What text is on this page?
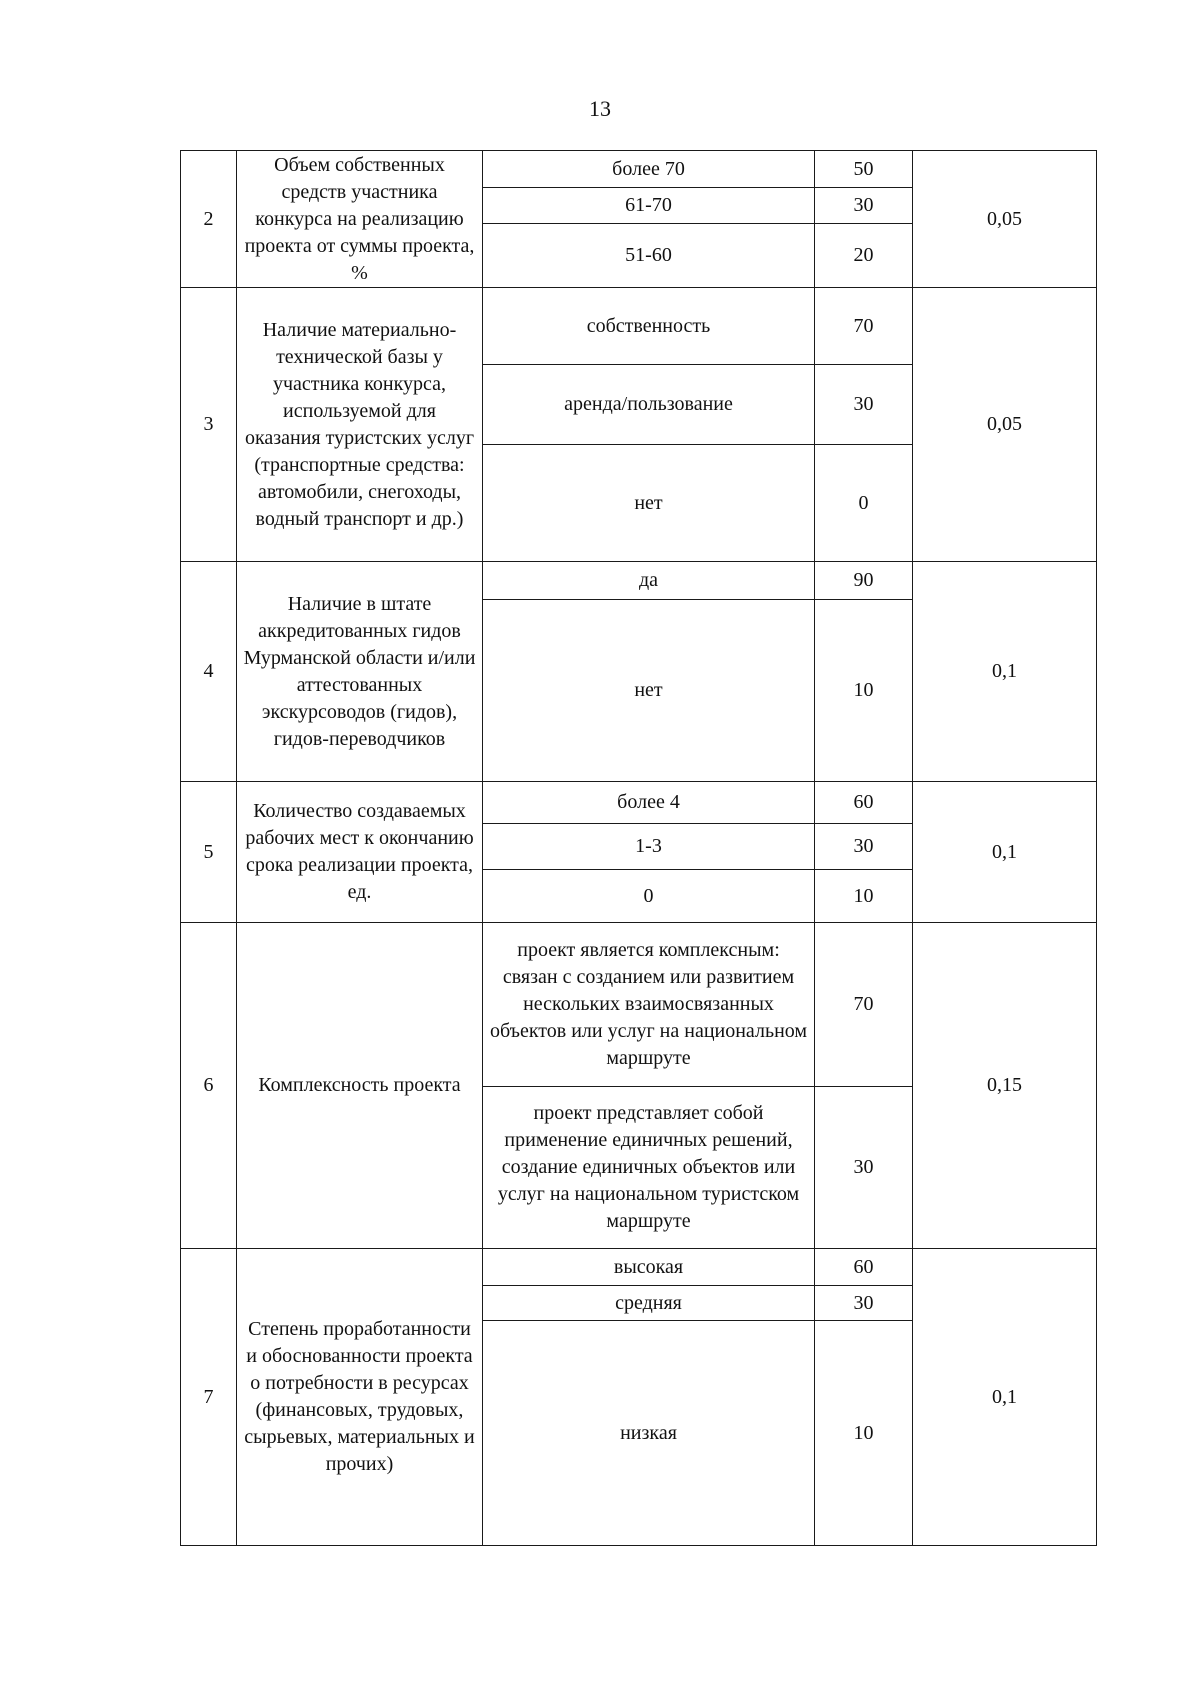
13
2	Объем собственных средств участника конкурса на реализацию проекта от суммы проекта, %	более 70	50	0,05
		61-70	30	
		51-60	20	
3	Наличие материально-технической базы у участника конкурса, используемой для оказания туристских услуг (транспортные средства: автомобили, снегоходы, водный транспорт и др.)	собственность	70	0,05
		аренда/пользование	30	
		нет	0	
4	Наличие в штате аккредитованных гидов Мурманской области и/или аттестованных экскурсоводов (гидов), гидов-переводчиков	да	90	0,1
		нет	10	
5	Количество создаваемых рабочих мест к окончанию срока реализации проекта, ед.	более 4	60	0,1
		1-3	30	
		0	10	
6	Комплексность проекта	проект является комплексным: связан с созданием или развитием нескольких взаимосвязанных объектов или услуг на национальном маршруте	70	0,15
		проект представляет собой применение единичных решений, создание единичных объектов или услуг на национальном туристском маршруте	30	
7	Степень проработанности и обоснованности проекта о потребности в ресурсах (финансовых, трудовых, сырьевых, материальных и прочих)	высокая	60	0,1
		средняя	30	
		низкая	10	
